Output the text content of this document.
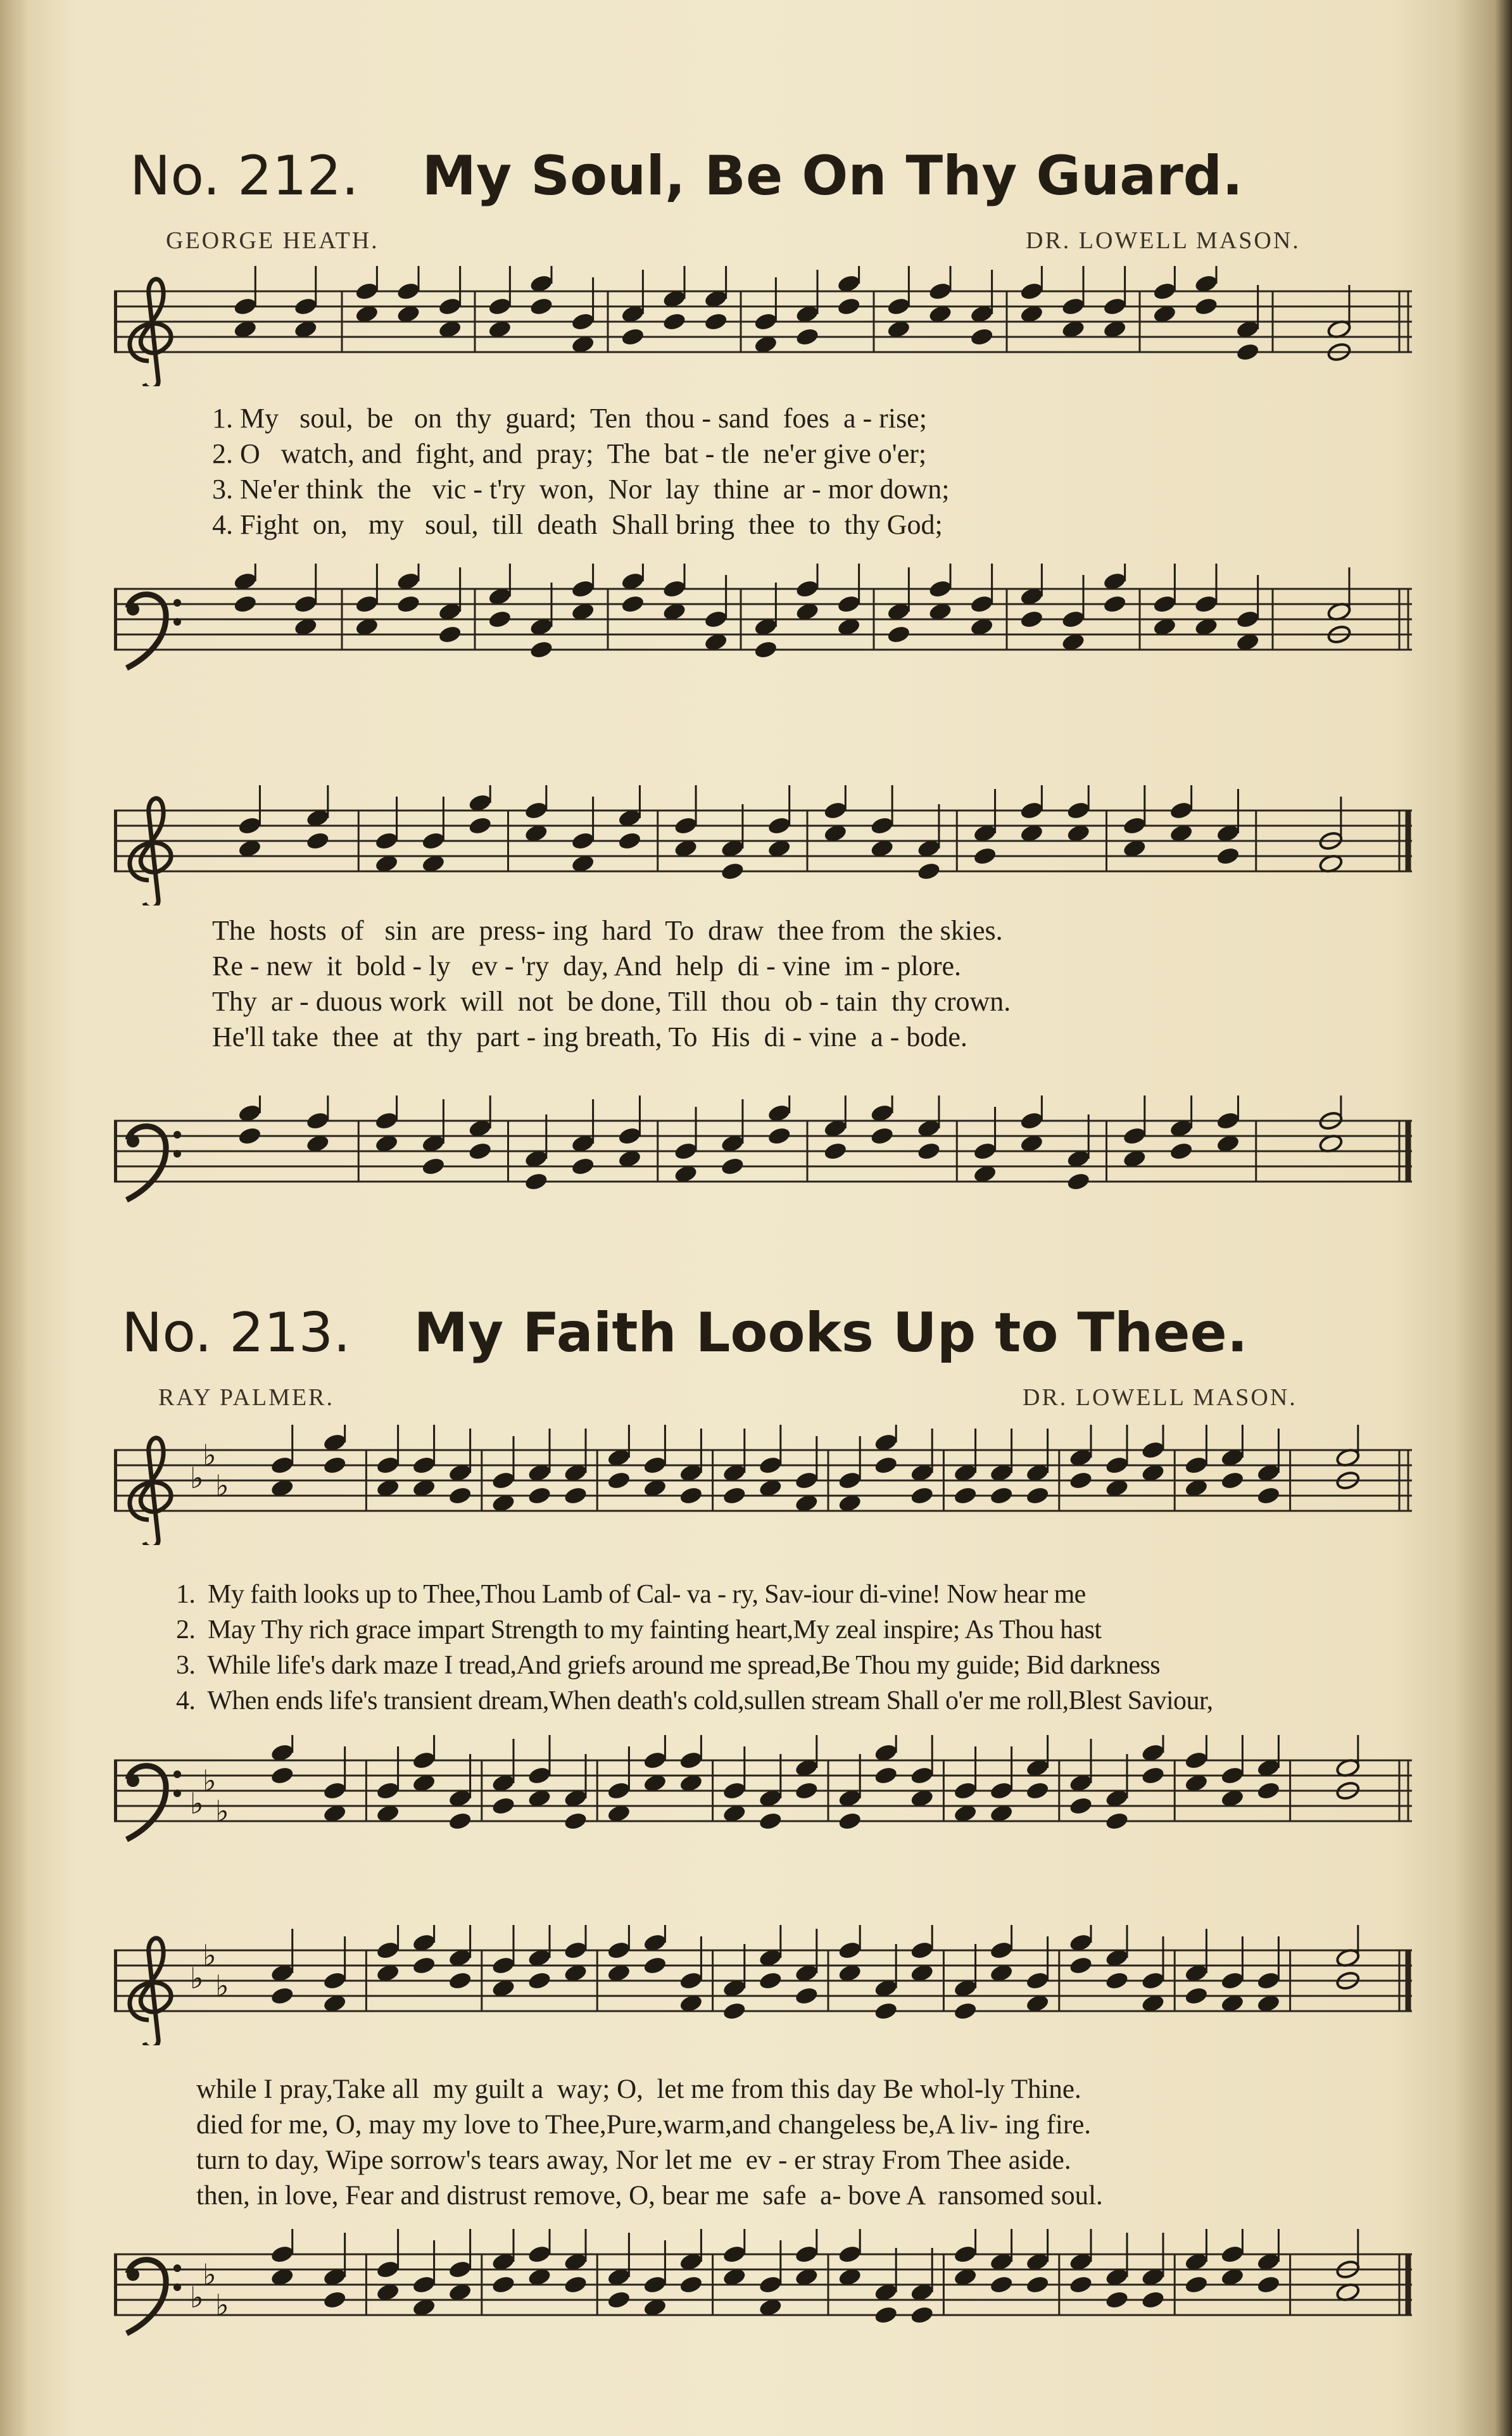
No. 212. My Soul, Be On Thy Guard.
GEORGE HEATH.	DR. LOWELL MASON.
1. My   soul,  be   on  thy  guard;  Ten  thou - sand  foes  a - rise;
2. O   watch, and  fight, and  pray;  The  bat - tle  ne'er give o'er;
3. Ne'er think  the   vic - t'ry  won,  Nor  lay  thine  ar - mor down;
4. Fight  on,   my   soul,  till  death  Shall bring  thee  to  thy God;
The  hosts  of   sin  are  press- ing  hard  To  draw  thee from  the skies.
Re - new  it  bold - ly   ev - 'ry  day, And  help  di - vine  im - plore.
Thy  ar - duous work  will  not  be done, Till  thou  ob - tain  thy crown.
He'll take  thee  at  thy  part - ing breath, To  His  di - vine  a - bode.
No. 213. My Faith Looks Up to Thee.
RAY PALMER.	DR. LOWELL MASON.
♭
♭
♭
1.  My faith looks up to Thee,Thou Lamb of Cal- va - ry, Sav-iour di-vine! Now hear me
2.  May Thy rich grace impart Strength to my fainting heart,My zeal inspire; As Thou hast
3.  While life's dark maze I tread,And griefs around me spread,Be Thou my guide; Bid darkness
4.  When ends life's transient dream,When death's cold,sullen stream Shall o'er me roll,Blest Saviour,
♭
♭
♭
♭
♭
♭
while I pray,Take all  my guilt a  way; O,  let me from this day Be whol-ly Thine.
died for me, O, may my love to Thee,Pure,warm,and changeless be,A liv- ing fire.
turn to day, Wipe sorrow's tears away, Nor let me  ev - er stray From Thee aside.
then, in love, Fear and distrust remove, O, bear me  safe  a- bove A  ransomed soul.
♭
♭
♭
